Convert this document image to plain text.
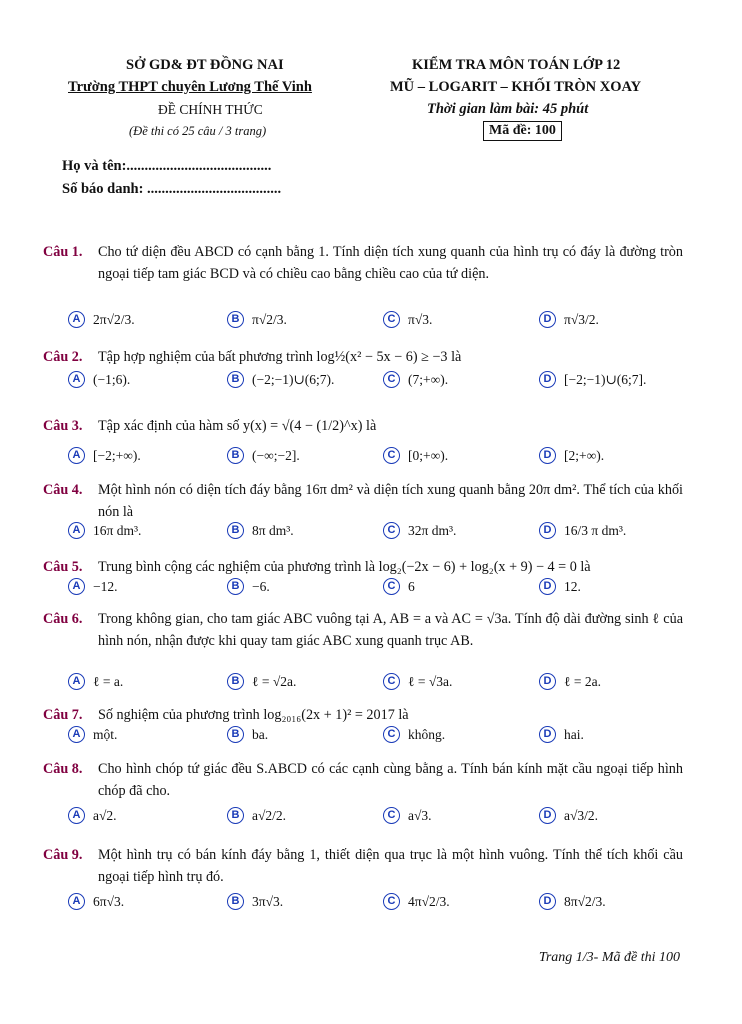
SỞ GD& ĐT ĐỒNG NAI
Trường THPT chuyên Lương Thế Vinh
ĐỀ CHÍNH THỨC
(Đề thi có 25 câu / 3 trang)
KIỂM TRA MÔN TOÁN LỚP 12
MŨ – LOGARIT – KHỐI TRÒN XOAY
Thời gian làm bài: 45 phút
Mã đề: 100
Họ và tên:........................................
Số báo danh: .....................................
Câu 1. Cho tứ diện đều ABCD có cạnh bằng 1. Tính diện tích xung quanh của hình trụ có đáy là đường tròn ngoại tiếp tam giác BCD và có chiều cao bằng chiều cao của tứ diện.
A 2π√2/3.	B π√2/3.	C π√3.	D π√3/2.
Câu 2. Tập hợp nghiệm của bất phương trình log½(x² − 5x − 6) ≥ −3 là
A (−1;6).	B (−2;−1)∪(6;7).	C (7;+∞).	D [−2;−1)∪(6;7].
Câu 3. Tập xác định của hàm số y(x) = √(4 − (1/2)^x) là
A [−2;+∞).	B (−∞;−2].	C [0;+∞).	D [2;+∞).
Câu 4. Một hình nón có diện tích đáy bằng 16π dm² và diện tích xung quanh bằng 20π dm². Thể tích của khối nón là
A 16π dm³.	B 8π dm³.	C 32π dm³.	D 16/3 π dm³.
Câu 5. Trung bình cộng các nghiệm của phương trình là log₂(−2x − 6) + log₂(x + 9) − 4 = 0 là
A −12.	B −6.	C 6	D 12.
Câu 6. Trong không gian, cho tam giác ABC vuông tại A, AB = a và AC = √3a. Tính độ dài đường sinh ℓ của hình nón, nhận được khi quay tam giác ABC xung quanh trục AB.
A ℓ = a.	B ℓ = √2a.	C ℓ = √3a.	D ℓ = 2a.
Câu 7. Số nghiệm của phương trình log₂₀₁₆(2x + 1)² = 2017 là
A một.	B ba.	C không.	D hai.
Câu 8. Cho hình chóp tứ giác đều S.ABCD có các cạnh cùng bằng a. Tính bán kính mặt cầu ngoại tiếp hình chóp đã cho.
A a√2.	B a√2/2.	C a√3.	D a√3/2.
Câu 9. Một hình trụ có bán kính đáy bằng 1, thiết diện qua trục là một hình vuông. Tính thể tích khối cầu ngoại tiếp hình trụ đó.
A 6π√3.	B 3π√3.	C 4π√2/3.	D 8π√2/3.
Trang 1/3- Mã đề thi 100
